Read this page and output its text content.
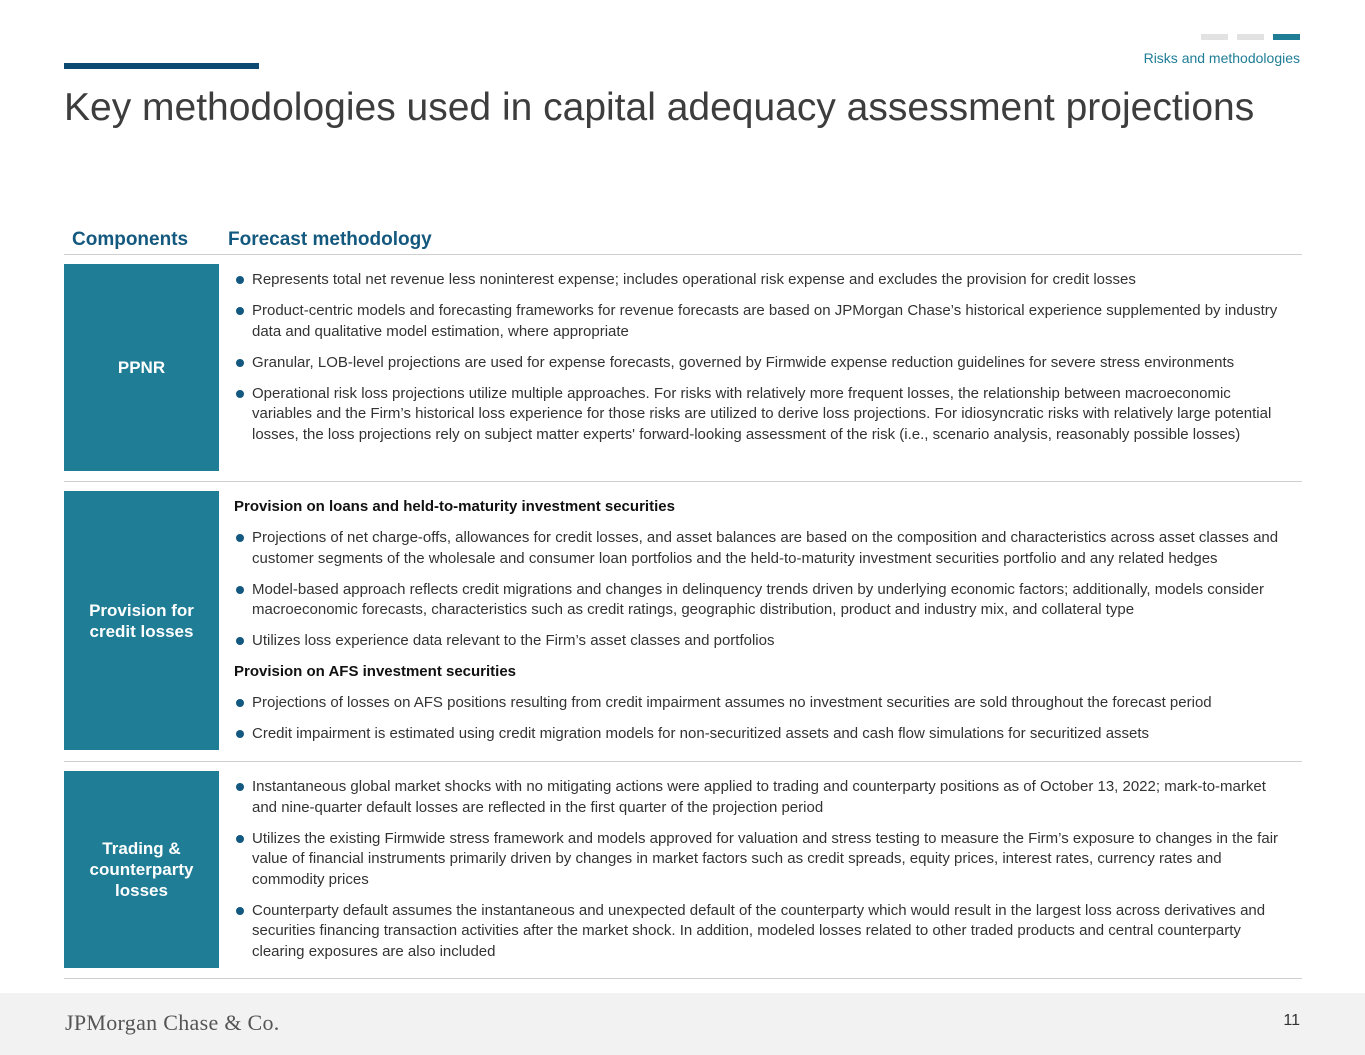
Risks and methodologies
Key methodologies used in capital adequacy assessment projections
Components Forecast methodology
PPNR
Represents total net revenue less noninterest expense; includes operational risk expense and excludes the provision for credit losses
Product-centric models and forecasting frameworks for revenue forecasts are based on JPMorgan Chase’s historical experience supplemented by industry data and qualitative model estimation, where appropriate
Granular, LOB-level projections are used for expense forecasts, governed by Firmwide expense reduction guidelines for severe stress environments
Operational risk loss projections utilize multiple approaches. For risks with relatively more frequent losses, the relationship between macroeconomic variables and the Firm’s historical loss experience for those risks are utilized to derive loss projections. For idiosyncratic risks with relatively large potential losses, the loss projections rely on subject matter experts' forward-looking assessment of the risk (i.e., scenario analysis, reasonably possible losses)
Provision for credit losses
Provision on loans and held-to-maturity investment securities
Projections of net charge-offs, allowances for credit losses, and asset balances are based on the composition and characteristics across asset classes and customer segments of the wholesale and consumer loan portfolios and the held-to-maturity investment securities portfolio and any related hedges
Model-based approach reflects credit migrations and changes in delinquency trends driven by underlying economic factors; additionally, models consider macroeconomic forecasts, characteristics such as credit ratings, geographic distribution, product and industry mix, and collateral type
Utilizes loss experience data relevant to the Firm’s asset classes and portfolios
Provision on AFS investment securities
Projections of losses on AFS positions resulting from credit impairment assumes no investment securities are sold throughout the forecast period
Credit impairment is estimated using credit migration models for non-securitized assets and cash flow simulations for securitized assets
Trading & counterparty losses
Instantaneous global market shocks with no mitigating actions were applied to trading and counterparty positions as of October 13, 2022; mark-to-market and nine-quarter default losses are reflected in the first quarter of the projection period
Utilizes the existing Firmwide stress framework and models approved for valuation and stress testing to measure the Firm’s exposure to changes in the fair value of financial instruments primarily driven by changes in market factors such as credit spreads, equity prices, interest rates, currency rates and commodity prices
Counterparty default assumes the instantaneous and unexpected default of the counterparty which would result in the largest loss across derivatives and securities financing transaction activities after the market shock. In addition, modeled losses related to other traded products and central counterparty clearing exposures are also included
JPMorgan Chase & Co.	11
